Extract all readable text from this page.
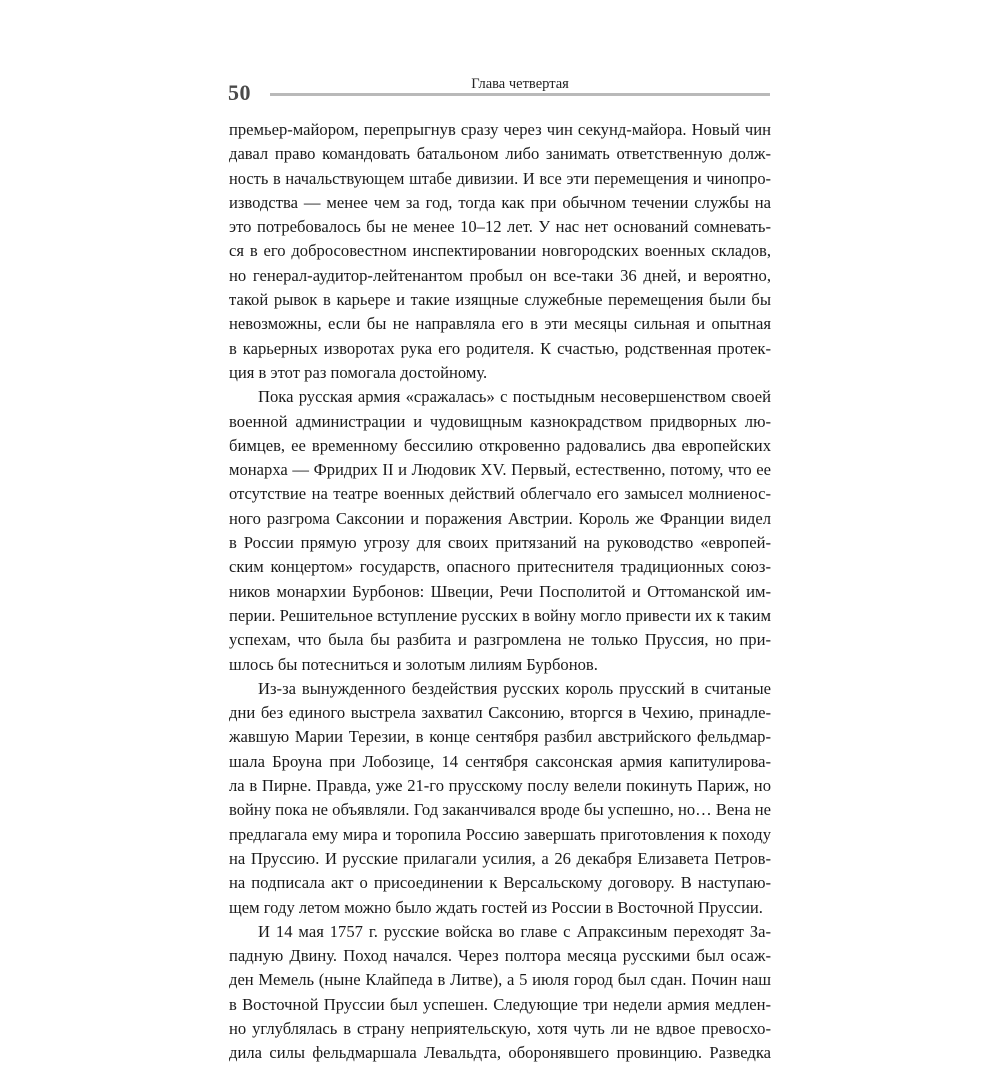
50	Глава четвертая
премьер-майором, перепрыгнув сразу через чин секунд-майора. Новый чин
давал право командовать батальоном либо занимать ответственную долж-
ность в начальствующем штабе дивизии. И все эти перемещения и чинопро-
изводства — менее чем за год, тогда как при обычном течении службы на
это потребовалось бы не менее 10–12 лет. У нас нет оснований сомневать-
ся в его добросовестном инспектировании новгородских военных складов,
но генерал-аудитор-лейтенантом пробыл он все-таки 36 дней, и вероятно,
такой рывок в карьере и такие изящные служебные перемещения были бы
невозможны, если бы не направляла его в эти месяцы сильная и опытная
в карьерных изворотах рука его родителя. К счастью, родственная протек-
ция в этот раз помогала достойному.
Пока русская армия «сражалась» с постыдным несовершенством своей
военной администрации и чудовищным казнокрадством придворных лю-
бимцев, ее временному бессилию откровенно радовались два европейских
монарха — Фридрих II и Людовик XV. Первый, естественно, потому, что ее
отсутствие на театре военных действий облегчало его замысел молниенос-
ного разгрома Саксонии и поражения Австрии. Король же Франции видел
в России прямую угрозу для своих притязаний на руководство «европей-
ским концертом» государств, опасного притеснителя традиционных союз-
ников монархии Бурбонов: Швеции, Речи Посполитой и Оттоманской им-
перии. Решительное вступление русских в войну могло привести их к таким
успехам, что была бы разбита и разгромлена не только Пруссия, но при-
шлось бы потесниться и золотым лилиям Бурбонов.
Из-за вынужденного бездействия русских король прусский в считаные
дни без единого выстрела захватил Саксонию, вторгся в Чехию, принадле-
жавшую Марии Терезии, в конце сентября разбил австрийского фельдмар-
шала Броуна при Лобозице, 14 сентября саксонская армия капитулирова-
ла в Пирне. Правда, уже 21-го прусскому послу велели покинуть Париж, но
войну пока не объявляли. Год заканчивался вроде бы успешно, но… Вена не
предлагала ему мира и торопила Россию завершать приготовления к походу
на Пруссию. И русские прилагали усилия, а 26 декабря Елизавета Петров-
на подписала акт о присоединении к Версальскому договору. В наступаю-
щем году летом можно было ждать гостей из России в Восточной Пруссии.
И 14 мая 1757 г. русские войска во главе с Апраксиным переходят За-
падную Двину. Поход начался. Через полтора месяца русскими был осаж-
ден Мемель (ныне Клайпеда в Литве), а 5 июля город был сдан. Почин наш
в Восточной Пруссии был успешен. Следующие три недели армия медлен-
но углублялась в страну неприятельскую, хотя чуть ли не вдвое превосхо-
дила силы фельдмаршала Левальдта, оборонявшего провинцию. Разведка
